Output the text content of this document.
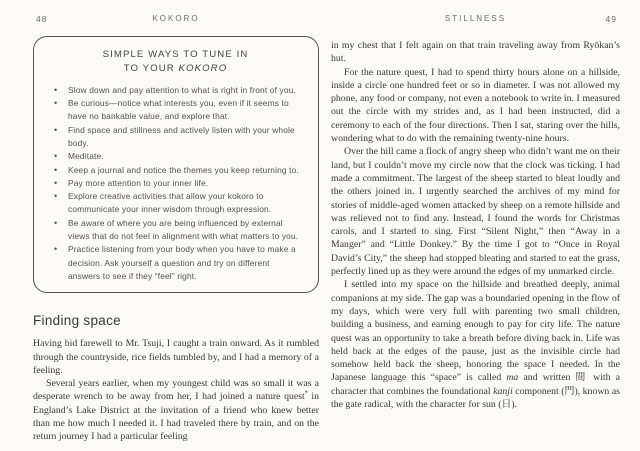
48	KOKORO
SIMPLE WAYS TO TUNE IN
TO YOUR KOKORO
• Slow down and pay attention to what is right in front of you.
• Be curious—notice what interests you, even if it seems to have no bankable value, and explore that.
• Find space and stillness and actively listen with your whole body.
• Meditate.
• Keep a journal and notice the themes you keep returning to.
• Pay more attention to your inner life.
• Explore creative activities that allow your kokoro to communicate your inner wisdom through expression.
• Be aware of where you are being influenced by external views that do not feel in alignment with what matters to you.
• Practice listening from your body when you have to make a decision. Ask yourself a question and try on different answers to see if they “feel” right.
Finding space

Having bid farewell to Mr. Tsuji, I caught a train onward. As it rumbled through the countryside, rice fields tumbled by, and I had a memory of a feeling.

Several years earlier, when my youngest child was so small it was a desperate wrench to be away from her, I had joined a nature quest* in England’s Lake District at the invitation of a friend who knew better than me how much I needed it. I had traveled there by train, and on the return journey I had a particular feeling

STILLNESS	49

in my chest that I felt again on that train traveling away from Ryōkan’s hut.

For the nature quest, I had to spend thirty hours alone on a hillside, inside a circle one hundred feet or so in diameter. I was not allowed my phone, any food or company, not even a notebook to write in. I measured out the circle with my strides and, as I had been instructed, did a ceremony to each of the four directions. Then I sat, staring over the hills, wondering what to do with the remaining twenty-nine hours.

Over the hill came a flock of angry sheep who didn’t want me on their land, but I couldn’t move my circle now that the clock was ticking. I had made a commitment. The largest of the sheep started to bleat loudly and the others joined in. I urgently searched the archives of my mind for stories of middle-aged women attacked by sheep on a remote hillside and was relieved not to find any. Instead, I found the words for Christmas carols, and I started to sing. First “Silent Night,” then “Away in a Manger” and “Little Donkey.” By the time I got to “Once in Royal David’s City,” the sheep had stopped bleating and started to eat the grass, perfectly lined up as they were around the edges of my unmarked circle.

I settled into my space on the hillside and breathed deeply, animal companions at my side. The gap was a boundaried opening in the flow of my days, which were very full with parenting two small children, building a business, and earning enough to pay for city life. The nature quest was an opportunity to take a breath before diving back in. Life was held back at the edges of the pause, just as the invisible circle had somehow held back the sheep, honoring the space I needed. In the Japanese language this “space” is called ma and written 間 with a character that combines the foundational kanji component (門), known as the gate radical, with the character for sun (日).
